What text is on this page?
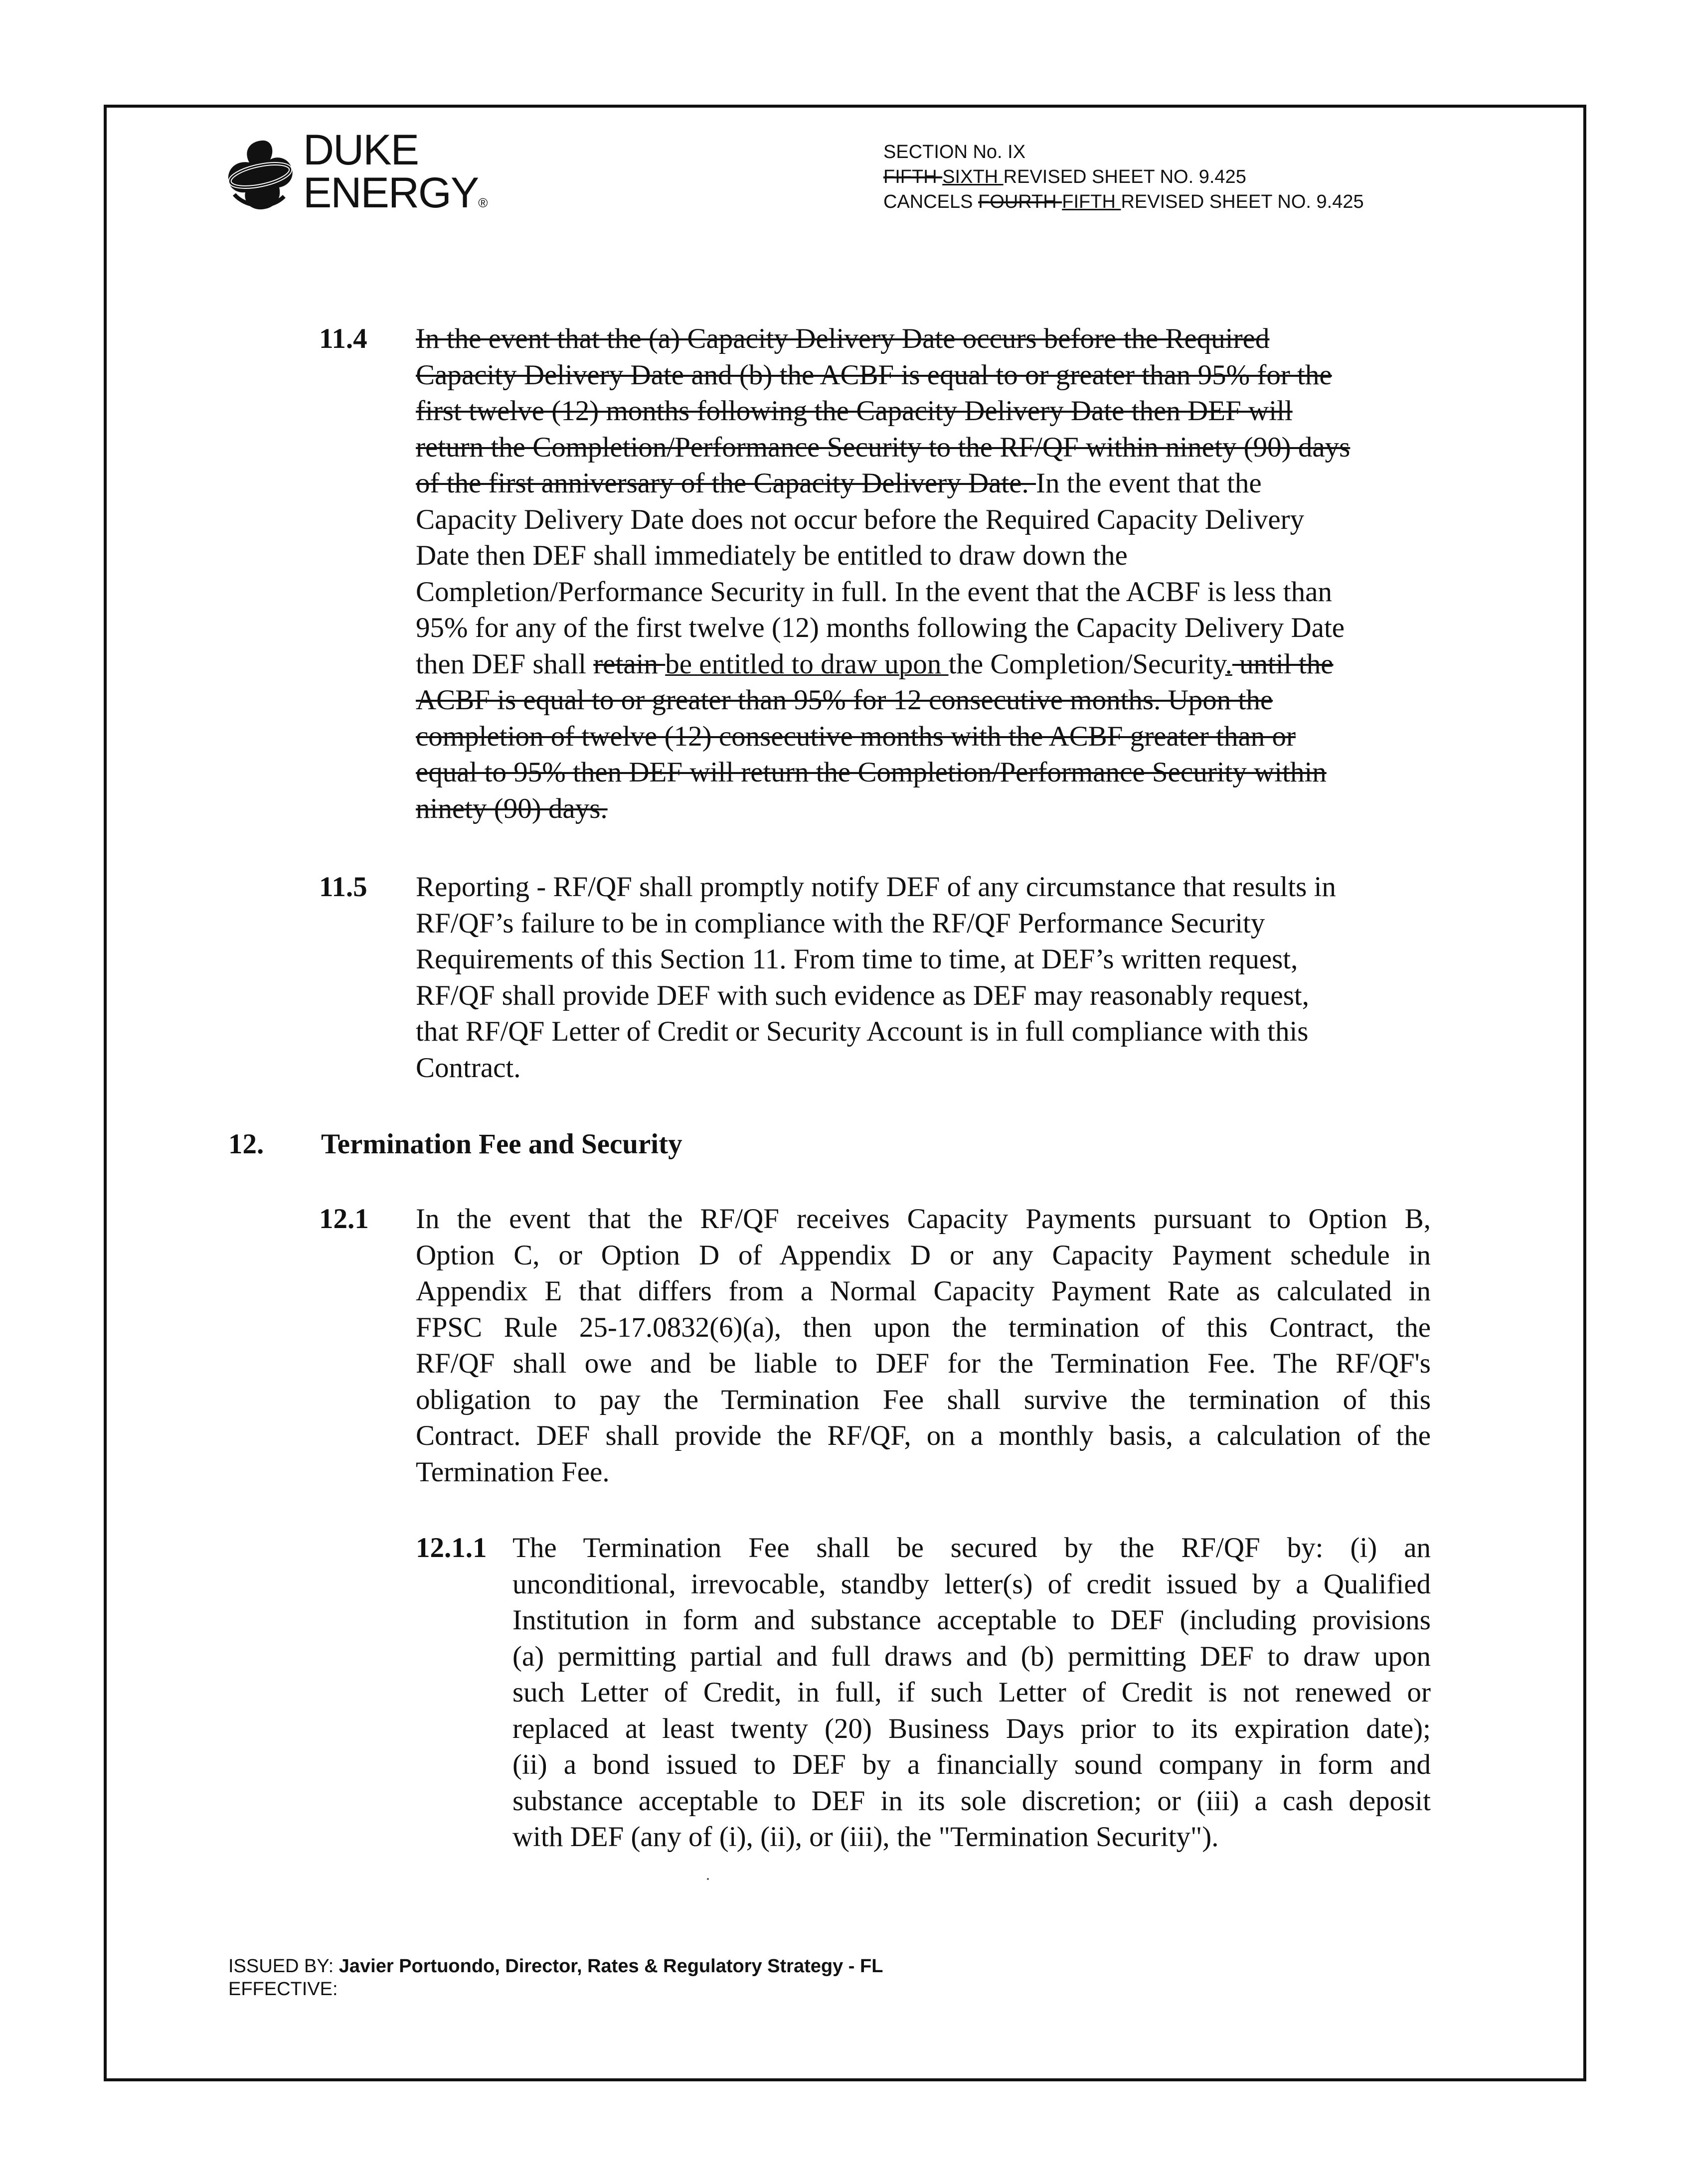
DUKE
ENERGY®
SECTION No. IX
FIFTH SIXTH REVISED SHEET NO. 9.425
CANCELS FOURTH FIFTH REVISED SHEET NO. 9.425
11.4 In the event that the (a) Capacity Delivery Date occurs before the Required
Capacity Delivery Date and (b) the ACBF is equal to or greater than 95% for the
first twelve (12) months following the Capacity Delivery Date then DEF will
return the Completion/Performance Security to the RF/QF within ninety (90) days
of the first anniversary of the Capacity Delivery Date. In the event that the
Capacity Delivery Date does not occur before the Required Capacity Delivery
Date then DEF shall immediately be entitled to draw down the
Completion/Performance Security in full. In the event that the ACBF is less than
95% for any of the first twelve (12) months following the Capacity Delivery Date
then DEF shall retain be entitled to draw upon the Completion/Security. until the
ACBF is equal to or greater than 95% for 12 consecutive months. Upon the
completion of twelve (12) consecutive months with the ACBF greater than or
equal to 95% then DEF will return the Completion/Performance Security within
ninety (90) days.
11.5 Reporting - RF/QF shall promptly notify DEF of any circumstance that results in
RF/QF’s failure to be in compliance with the RF/QF Performance Security
Requirements of this Section 11. From time to time, at DEF’s written request,
RF/QF shall provide DEF with such evidence as DEF may reasonably request,
that RF/QF Letter of Credit or Security Account is in full compliance with this
Contract.
12. Termination Fee and Security
12.1 In the event that the RF/QF receives Capacity Payments pursuant to Option B,
Option C, or Option D of Appendix D or any Capacity Payment schedule in
Appendix E that differs from a Normal Capacity Payment Rate as calculated in
FPSC Rule 25-17.0832(6)(a), then upon the termination of this Contract, the
RF/QF shall owe and be liable to DEF for the Termination Fee. The RF/QF's
obligation to pay the Termination Fee shall survive the termination of this
Contract. DEF shall provide the RF/QF, on a monthly basis, a calculation of the
Termination Fee.
12.1.1 The Termination Fee shall be secured by the RF/QF by: (i) an
unconditional, irrevocable, standby letter(s) of credit issued by a Qualified
Institution in form and substance acceptable to DEF (including provisions
(a) permitting partial and full draws and (b) permitting DEF to draw upon
such Letter of Credit, in full, if such Letter of Credit is not renewed or
replaced at least twenty (20) Business Days prior to its expiration date);
(ii) a bond issued to DEF by a financially sound company in form and
substance acceptable to DEF in its sole discretion; or (iii) a cash deposit
with DEF (any of (i), (ii), or (iii), the "Termination Security").
ISSUED BY: Javier Portuondo, Director, Rates & Regulatory Strategy - FL
EFFECTIVE:
